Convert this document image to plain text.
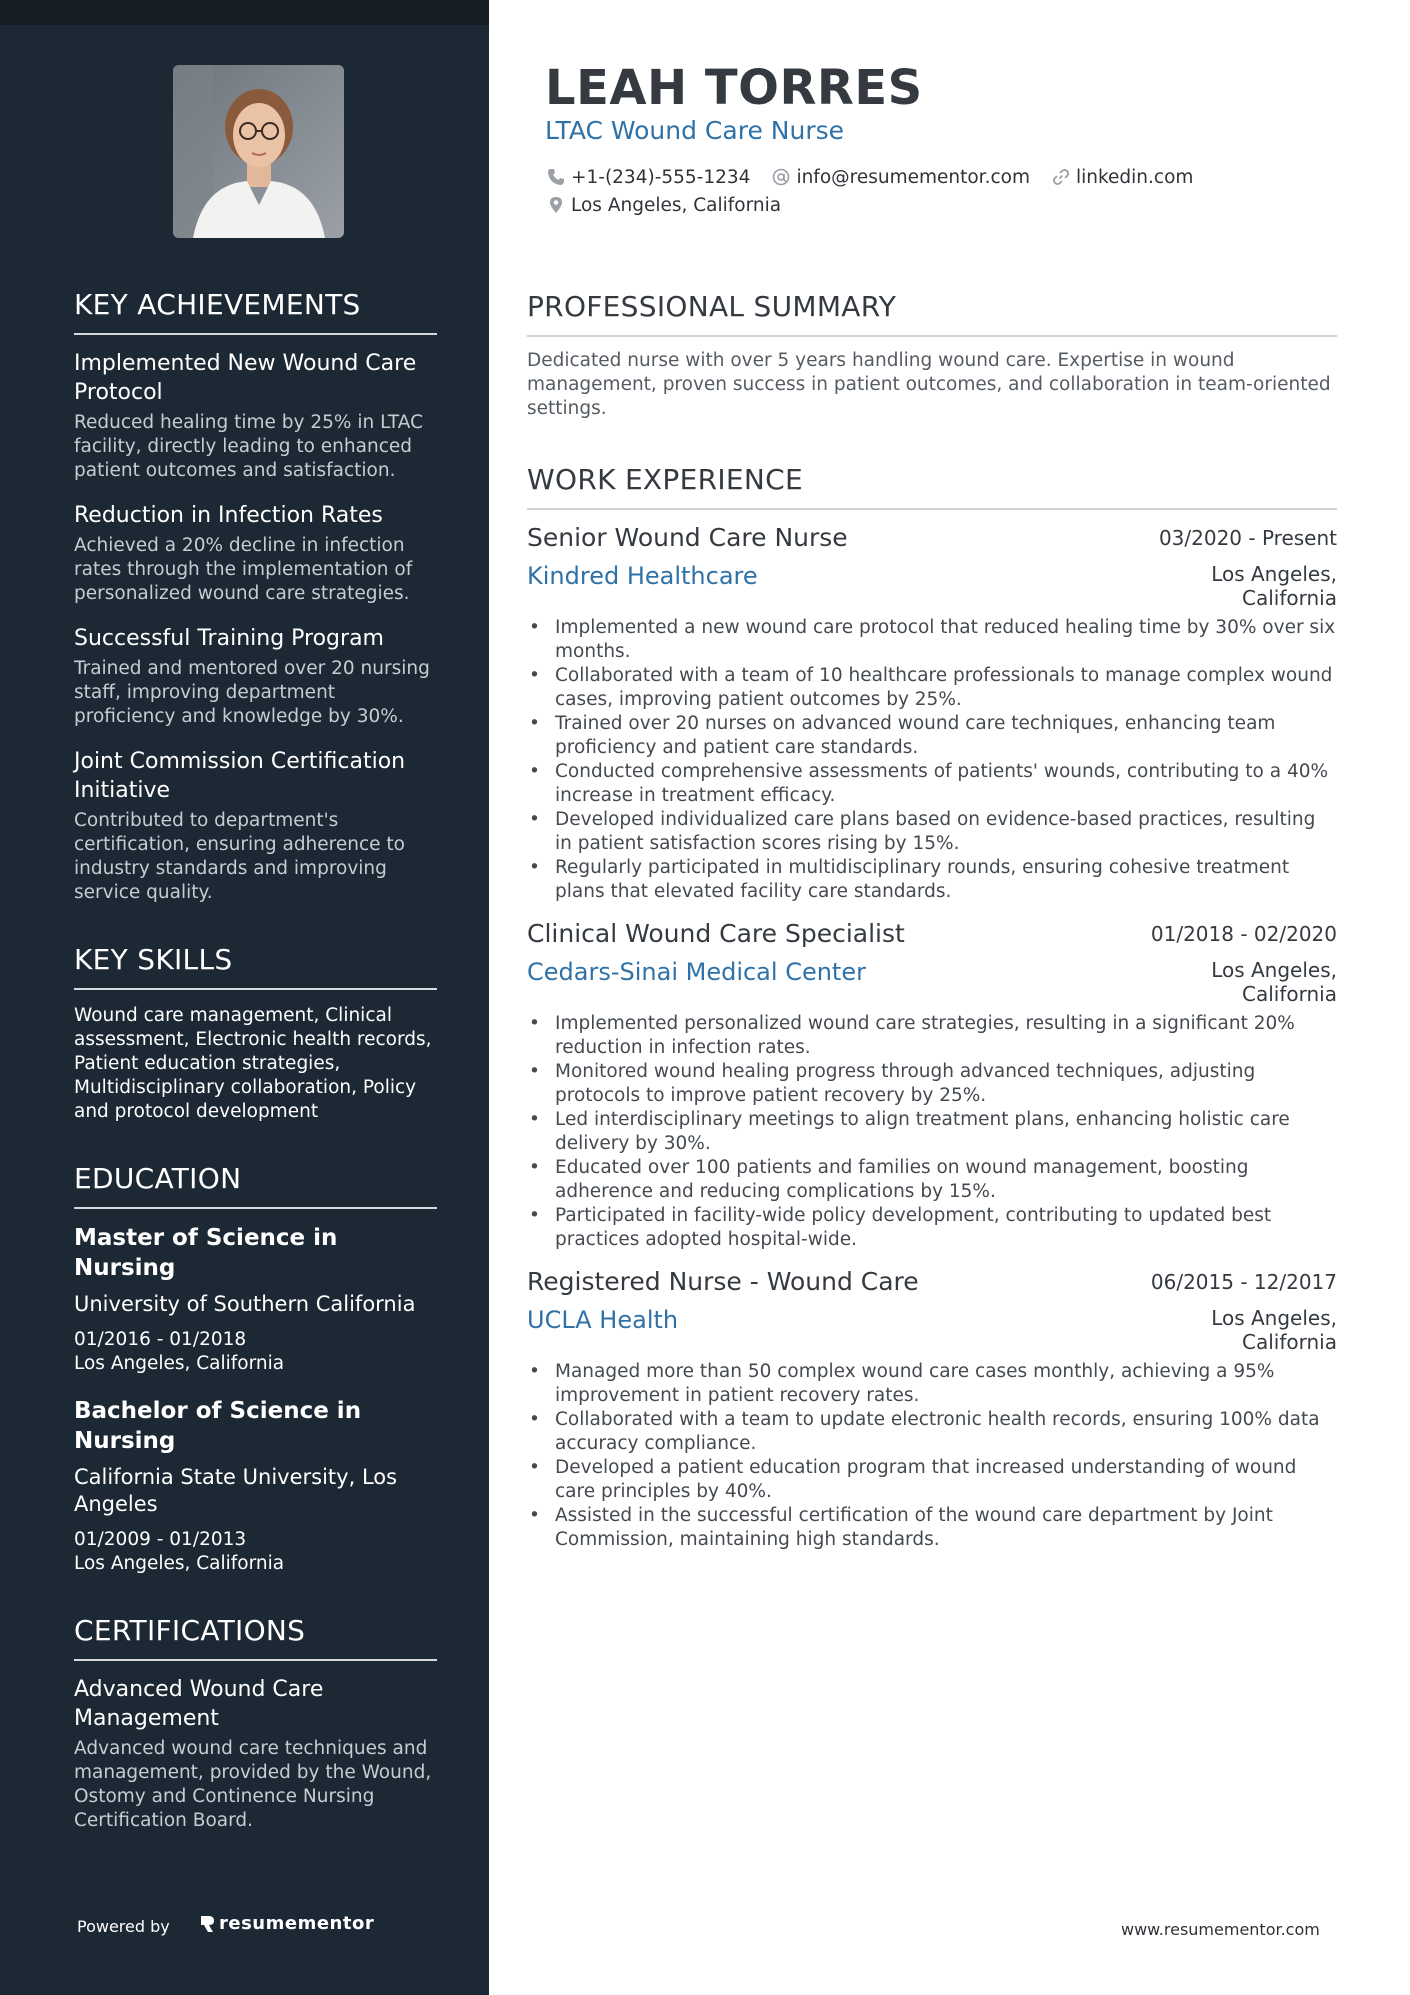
KEY ACHIEVEMENTS
Implemented New Wound Care Protocol
Reduced healing time by 25% in LTAC facility, directly leading to enhanced patient outcomes and satisfaction.
Reduction in Infection Rates
Achieved a 20% decline in infection rates through the implementation of personalized wound care strategies.
Successful Training Program
Trained and mentored over 20 nursing staff, improving department proficiency and knowledge by 30%.
Joint Commission Certification Initiative
Contributed to department's certification, ensuring adherence to industry standards and improving service quality.
KEY SKILLS
Wound care management, Clinical assessment, Electronic health records, Patient education strategies, Multidisciplinary collaboration, Policy and protocol development
EDUCATION
Master of Science in Nursing
University of Southern California
01/2016 - 01/2018
Los Angeles, California
Bachelor of Science in Nursing
California State University, Los Angeles
01/2009 - 01/2013
Los Angeles, California
CERTIFICATIONS
Advanced Wound Care Management
Advanced wound care techniques and management, provided by the Wound, Ostomy and Continence Nursing Certification Board.
Powered by	resumementor
LEAH TORRES
LTAC Wound Care Nurse
+1-(234)-555-1234 info@resumementor.com linkedin.com
Los Angeles, California
PROFESSIONAL SUMMARY
Dedicated nurse with over 5 years handling wound care. Expertise in wound management, proven success in patient outcomes, and collaboration in team-oriented settings.
WORK EXPERIENCE
Senior Wound Care Nurse	03/2020 - Present
Kindred Healthcare	Los Angeles, California
• Implemented a new wound care protocol that reduced healing time by 30% over six months.
• Collaborated with a team of 10 healthcare professionals to manage complex wound cases, improving patient outcomes by 25%.
• Trained over 20 nurses on advanced wound care techniques, enhancing team proficiency and patient care standards.
• Conducted comprehensive assessments of patients' wounds, contributing to a 40% increase in treatment efficacy.
• Developed individualized care plans based on evidence-based practices, resulting in patient satisfaction scores rising by 15%.
• Regularly participated in multidisciplinary rounds, ensuring cohesive treatment plans that elevated facility care standards.
Clinical Wound Care Specialist	01/2018 - 02/2020
Cedars-Sinai Medical Center	Los Angeles, California
• Implemented personalized wound care strategies, resulting in a significant 20% reduction in infection rates.
• Monitored wound healing progress through advanced techniques, adjusting protocols to improve patient recovery by 25%.
• Led interdisciplinary meetings to align treatment plans, enhancing holistic care delivery by 30%.
• Educated over 100 patients and families on wound management, boosting adherence and reducing complications by 15%.
• Participated in facility-wide policy development, contributing to updated best practices adopted hospital-wide.
Registered Nurse - Wound Care	06/2015 - 12/2017
UCLA Health	Los Angeles, California
• Managed more than 50 complex wound care cases monthly, achieving a 95% improvement in patient recovery rates.
• Collaborated with a team to update electronic health records, ensuring 100% data accuracy compliance.
• Developed a patient education program that increased understanding of wound care principles by 40%.
• Assisted in the successful certification of the wound care department by Joint Commission, maintaining high standards.
www.resumementor.com
